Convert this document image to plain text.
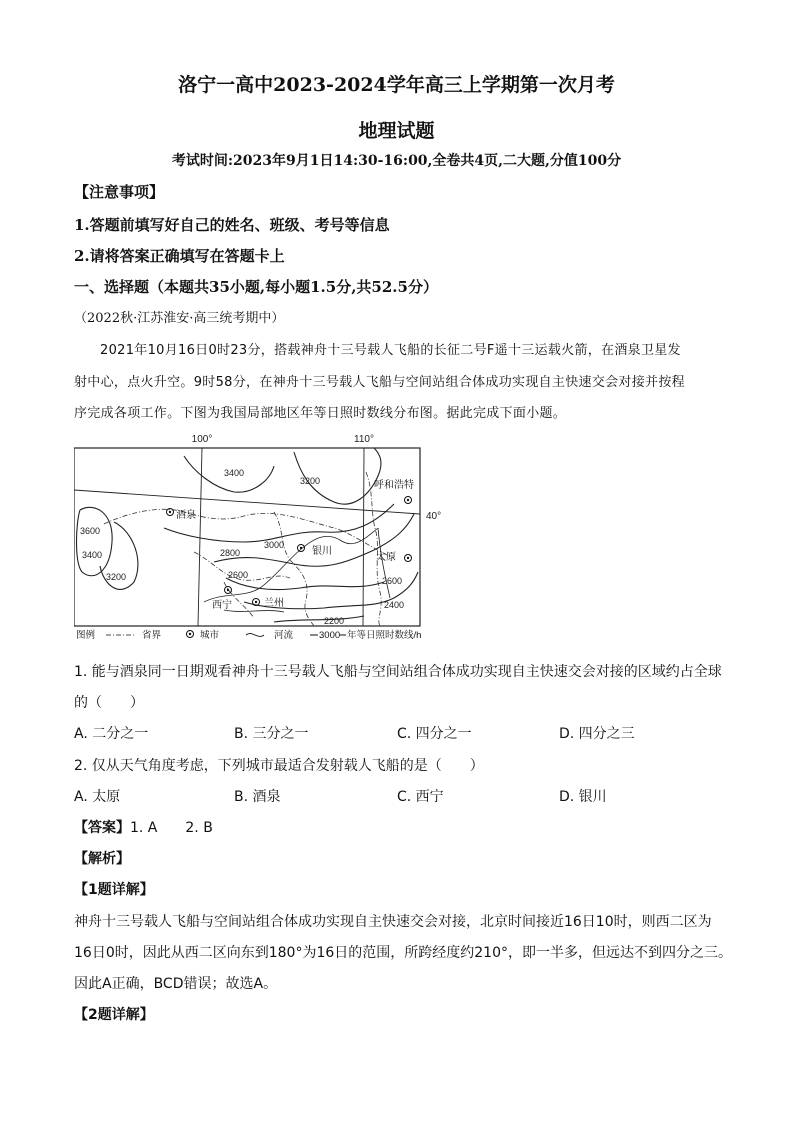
洛宁一高中2023-2024学年高三上学期第一次月考
地理试题
考试时间:2023年9月1日14:30-16:00,全卷共4页,二大题,分值100分
【注意事项】
1.答题前填写好自己的姓名、班级、考号等信息
2.请将答案正确填写在答题卡上
一、选择题（本题共35小题,每小题1.5分,共52.5分）
（2022秋·江苏淮安·高三统考期中）
2021年10月16日0时23分，搭载神舟十三号载人飞船的长征二号F遥十三运载火箭，在酒泉卫星发
射中心，点火升空。9时58分，在神舟十三号载人飞船与空间站组合体成功实现自主快速交会对接并按程
序完成各项工作。下图为我国局部地区年等日照时数线分布图。据此完成下面小题。
100°	110°
40°
3400
3200
3600
3400
3200
3000
2800
2600
2600
2400
2200
酒泉
银川
呼和浩特
太原
西宁	兰州
图例	省界	城市	河流	3000 年等日照时数线/h
1. 能与酒泉同一日期观看神舟十三号载人飞船与空间站组合体成功实现自主快速交会对接的区域约占全球
的（　　）
A. 二分之一	B. 三分之一	C. 四分之一	D. 四分之三
2. 仅从天气角度考虑，下列城市最适合发射载人飞船的是（　　）
A. 太原	B. 酒泉	C. 西宁	D. 银川
【答案】1. A　　2. B
【解析】
【1题详解】
神舟十三号载人飞船与空间站组合体成功实现自主快速交会对接，北京时间接近16日10时，则西二区为
16日0时，因此从西二区向东到180°为16日的范围，所跨经度约210°，即一半多，但远达不到四分之三。
因此A正确，BCD错误；故选A。
【2题详解】
